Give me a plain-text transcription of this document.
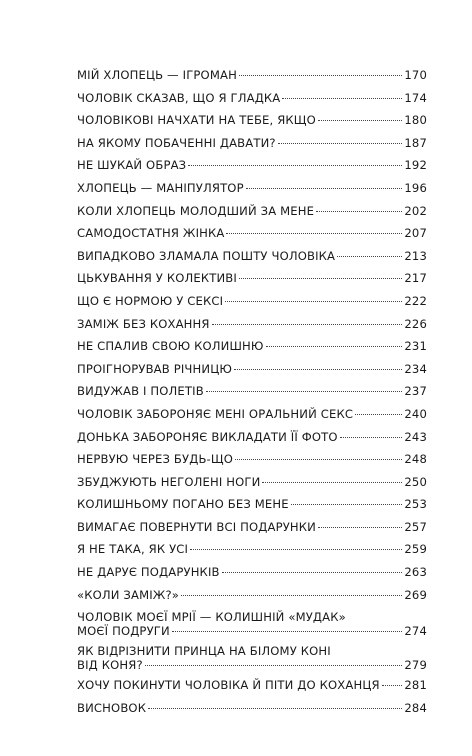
МІЙ ХЛОПЕЦЬ — ІГРОМАН	170
ЧОЛОВІК СКАЗАВ, ЩО Я ГЛАДКА	174
ЧОЛОВІКОВІ НАЧХАТИ НА ТЕБЕ, ЯКЩО	180
НА ЯКОМУ ПОБАЧЕННІ ДАВАТИ?	187
НЕ ШУКАЙ ОБРАЗ	192
ХЛОПЕЦЬ — МАНІПУЛЯТОР	196
КОЛИ ХЛОПЕЦЬ МОЛОДШИЙ ЗА МЕНЕ	202
САМОДОСТАТНЯ ЖІНКА	207
ВИПАДКОВО ЗЛАМАЛА ПОШТУ ЧОЛОВІКА	213
ЦЬКУВАННЯ У КОЛЕКТИВІ	217
ЩО Є НОРМОЮ У СЕКСІ	222
ЗАМІЖ БЕЗ КОХАННЯ	226
НЕ СПАЛИВ СВОЮ КОЛИШНЮ	231
ПРОІГНОРУВАВ РІЧНИЦЮ	234
ВИДУЖАВ І ПОЛЕТІВ	237
ЧОЛОВІК ЗАБОРОНЯЄ МЕНІ ОРАЛЬНИЙ СЕКС	240
ДОНЬКА ЗАБОРОНЯЄ ВИКЛАДАТИ ЇЇ ФОТО	243
НЕРВУЮ ЧЕРЕЗ БУДЬ-ЩО	248
ЗБУДЖУЮТЬ НЕГОЛЕНІ НОГИ	250
КОЛИШНЬОМУ ПОГАНО БЕЗ МЕНЕ	253
ВИМАГАЄ ПОВЕРНУТИ ВСІ ПОДАРУНКИ	257
Я НЕ ТАКА, ЯК УСІ	259
НЕ ДАРУЄ ПОДАРУНКІВ	263
«КОЛИ ЗАМІЖ?»	269
ЧОЛОВІК МОЄЇ МРІЇ — КОЛИШНІЙ «МУДАК»
МОЄЇ ПОДРУГИ	274
ЯК ВІДРІЗНИТИ ПРИНЦА НА БІЛОМУ КОНІ
ВІД КОНЯ?	279
ХОЧУ ПОКИНУТИ ЧОЛОВІКА Й ПІТИ ДО КОХАНЦЯ 281
ВИСНОВОК	284
